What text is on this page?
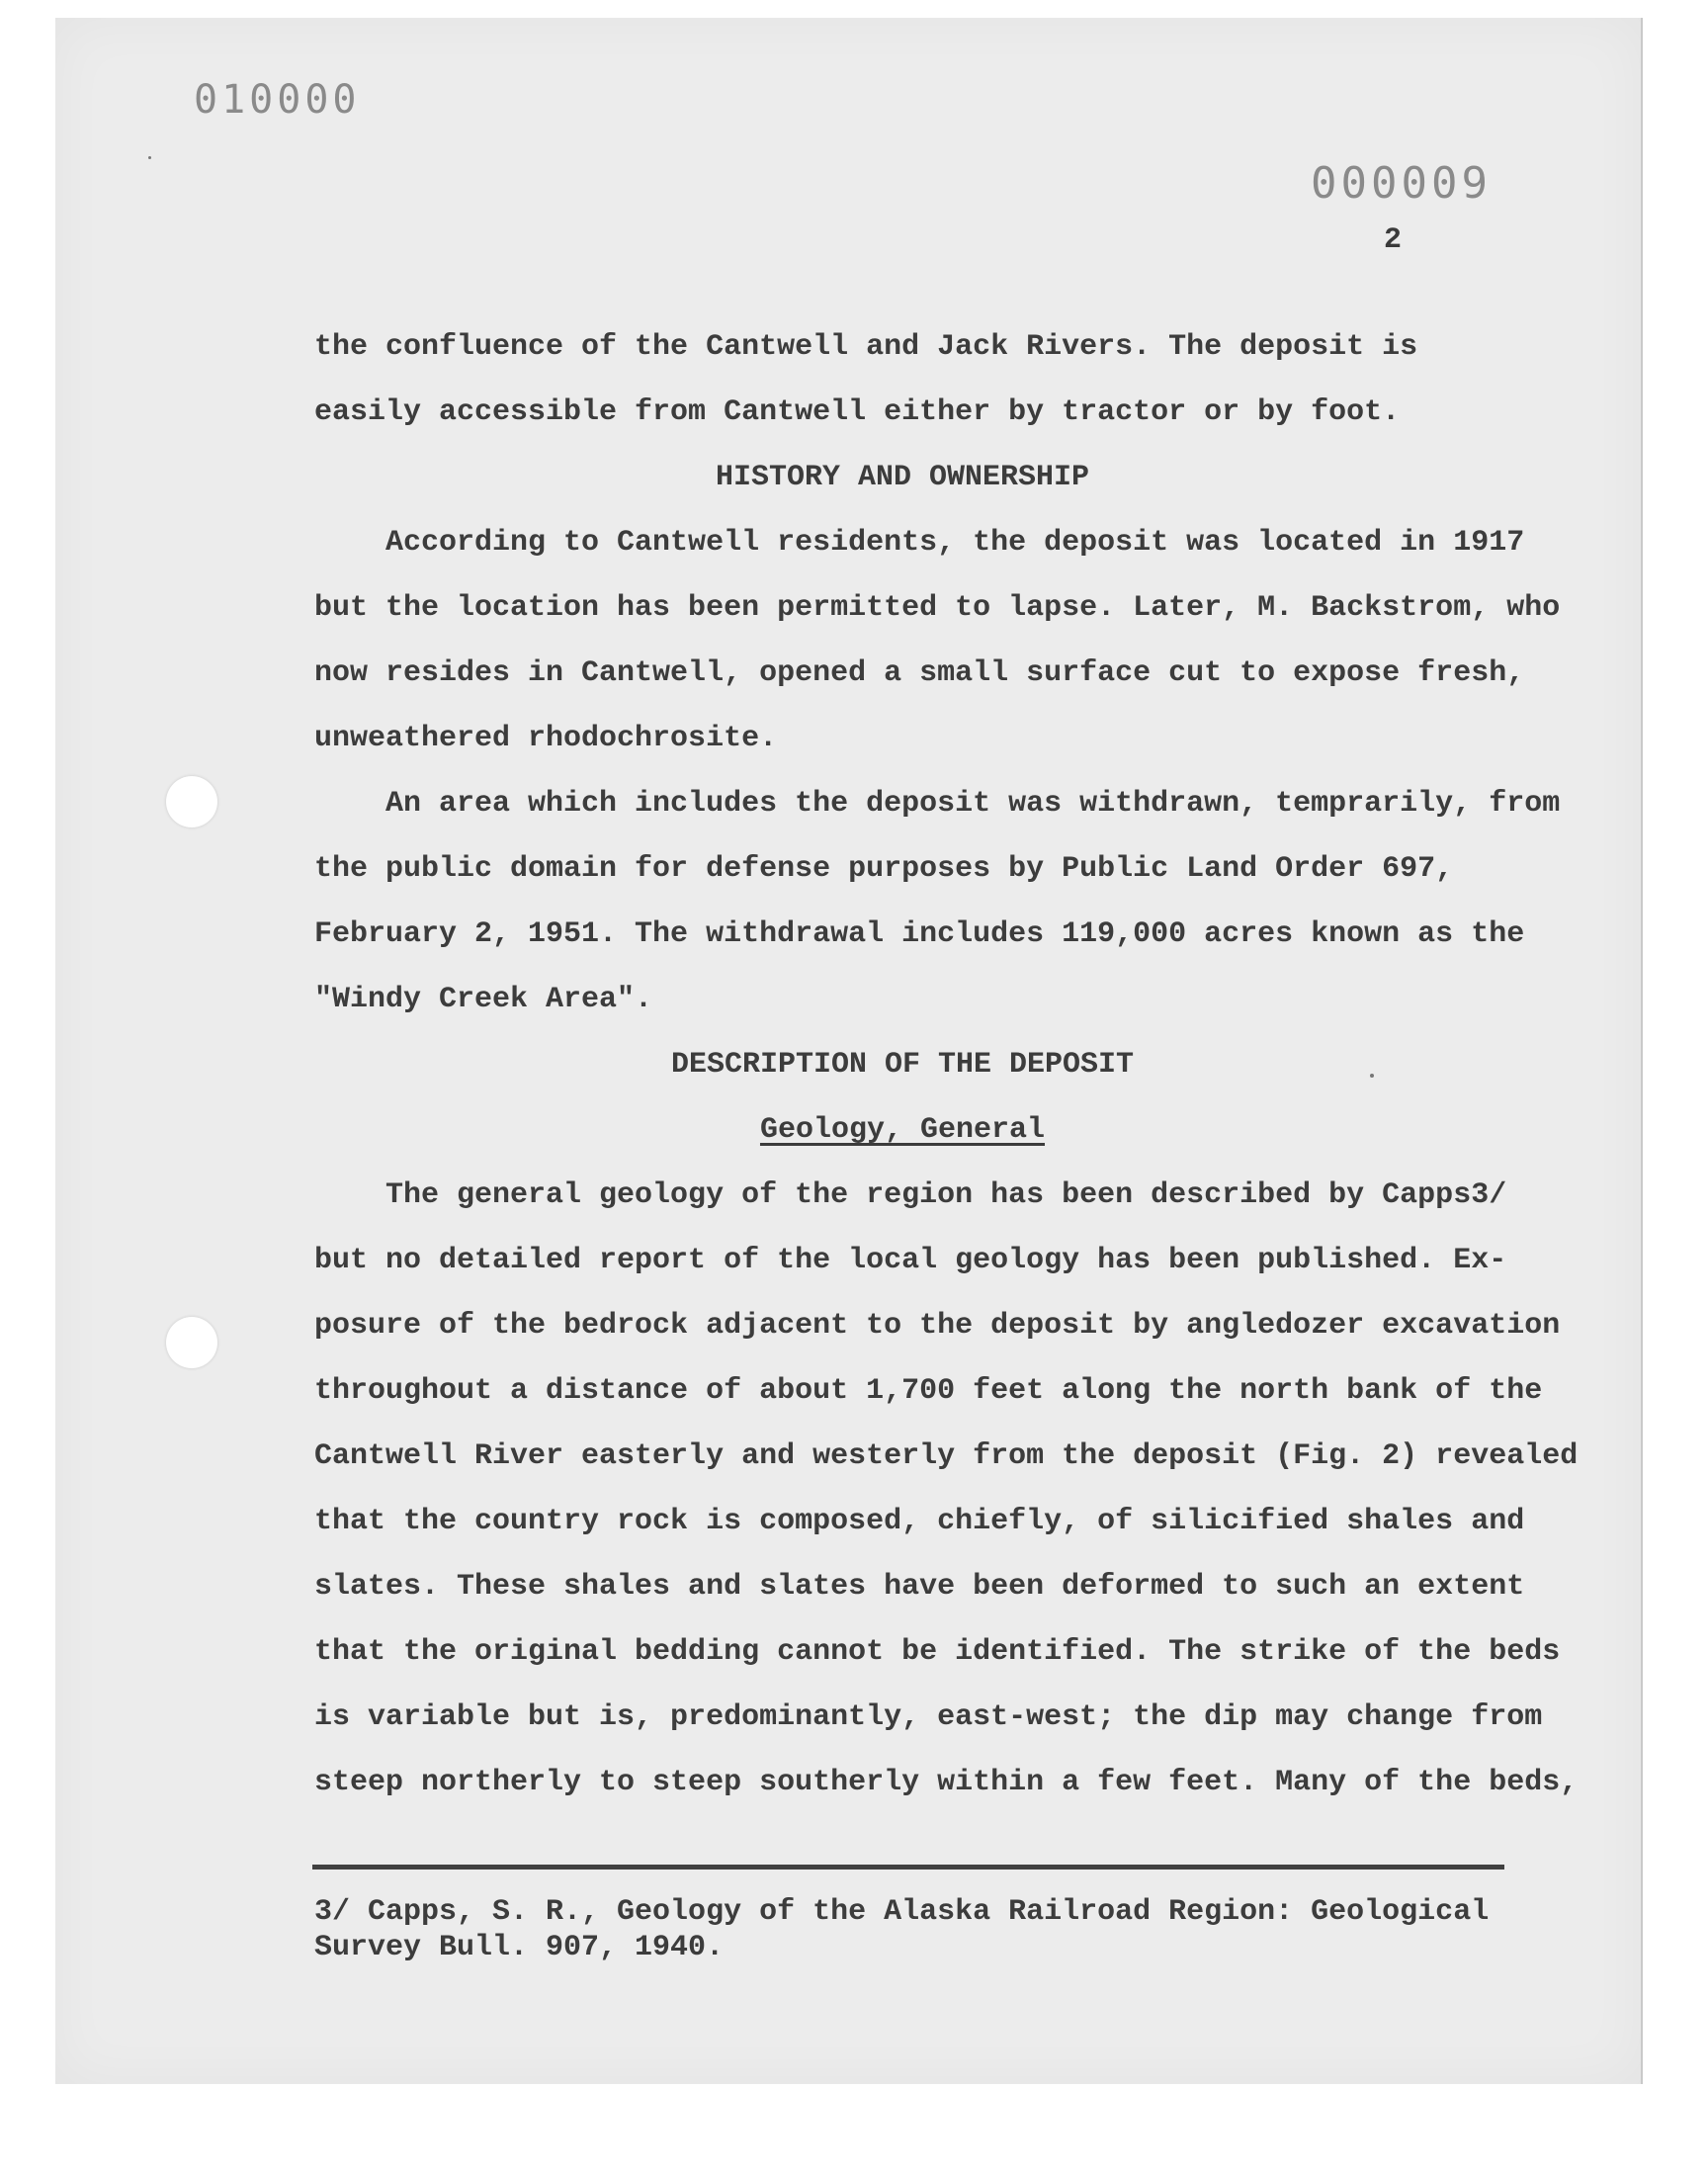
010000
000009
2
the confluence of the Cantwell and Jack Rivers. The deposit is
easily accessible from Cantwell either by tractor or by foot.
HISTORY AND OWNERSHIP
According to Cantwell residents, the deposit was located in 1917
but the location has been permitted to lapse. Later, M. Backstrom, who
now resides in Cantwell, opened a small surface cut to expose fresh,
unweathered rhodochrosite.
An area which includes the deposit was withdrawn, temprarily, from
the public domain for defense purposes by Public Land Order 697,
February 2, 1951. The withdrawal includes 119,000 acres known as the
"Windy Creek Area".
DESCRIPTION OF THE DEPOSIT
Geology, General
The general geology of the region has been described by Capps3/
but no detailed report of the local geology has been published. Ex-
posure of the bedrock adjacent to the deposit by angledozer excavation
throughout a distance of about 1,700 feet along the north bank of the
Cantwell River easterly and westerly from the deposit (Fig. 2) revealed
that the country rock is composed, chiefly, of silicified shales and
slates. These shales and slates have been deformed to such an extent
that the original bedding cannot be identified. The strike of the beds
is variable but is, predominantly, east-west; the dip may change from
steep northerly to steep southerly within a few feet. Many of the beds,
3/ Capps, S. R., Geology of the Alaska Railroad Region: Geological
Survey Bull. 907, 1940.
